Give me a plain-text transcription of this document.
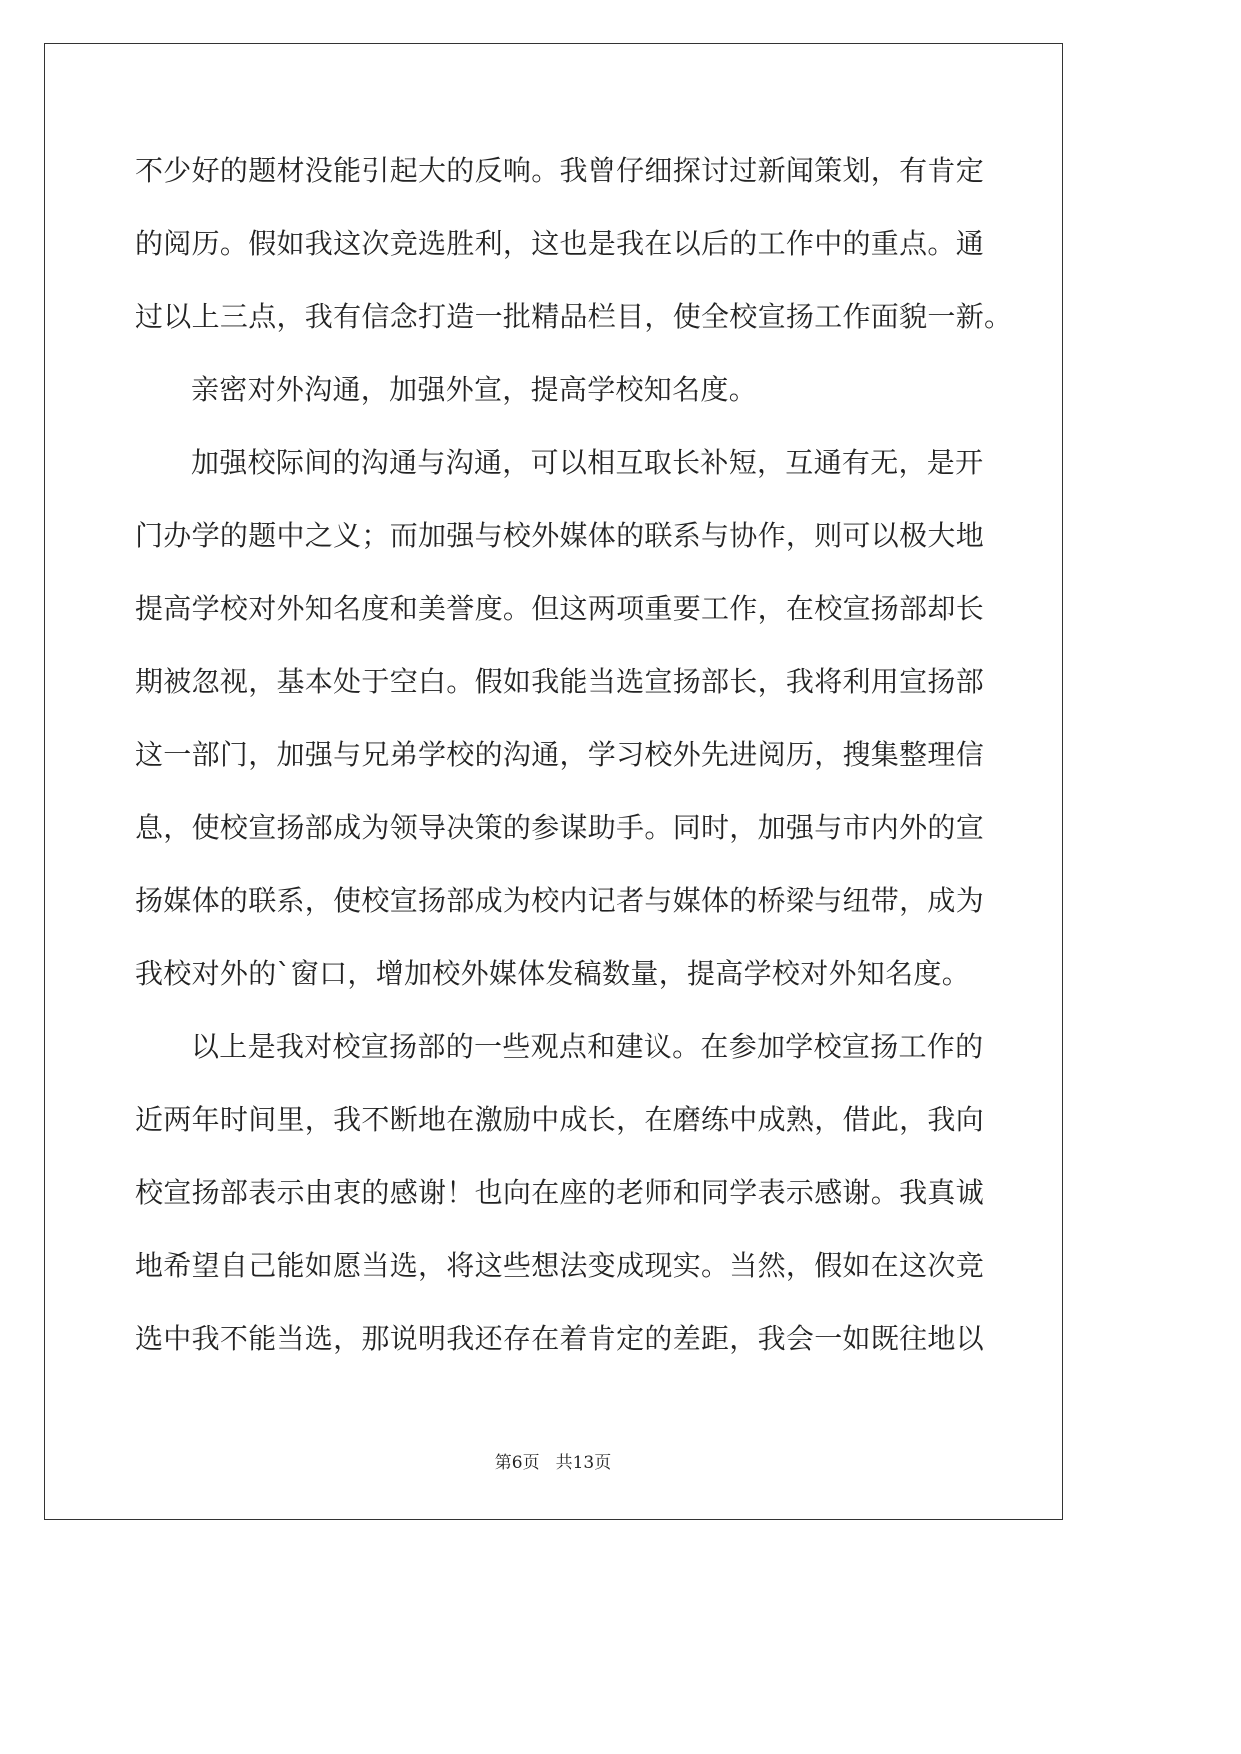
不少好的题材没能引起大的反响。我曾仔细探讨过新闻策划，有肯定
的阅历。假如我这次竞选胜利，这也是我在以后的工作中的重点。通
过以上三点，我有信念打造一批精品栏目，使全校宣扬工作面貌一新。
亲密对外沟通，加强外宣，提高学校知名度。
加强校际间的沟通与沟通，可以相互取长补短，互通有无，是开
门办学的题中之义；而加强与校外媒体的联系与协作，则可以极大地
提高学校对外知名度和美誉度。但这两项重要工作，在校宣扬部却长
期被忽视，基本处于空白。假如我能当选宣扬部长，我将利用宣扬部
这一部门，加强与兄弟学校的沟通，学习校外先进阅历，搜集整理信
息，使校宣扬部成为领导决策的参谋助手。同时，加强与市内外的宣
扬媒体的联系，使校宣扬部成为校内记者与媒体的桥梁与纽带，成为
我校对外的`窗口，增加校外媒体发稿数量，提高学校对外知名度。
以上是我对校宣扬部的一些观点和建议。在参加学校宣扬工作的
近两年时间里，我不断地在激励中成长，在磨练中成熟，借此，我向
校宣扬部表示由衷的感谢！也向在座的老师和同学表示感谢。我真诚
地希望自己能如愿当选，将这些想法变成现实。当然，假如在这次竞
选中我不能当选，那说明我还存在着肯定的差距，我会一如既往地以
第6页 共13页
